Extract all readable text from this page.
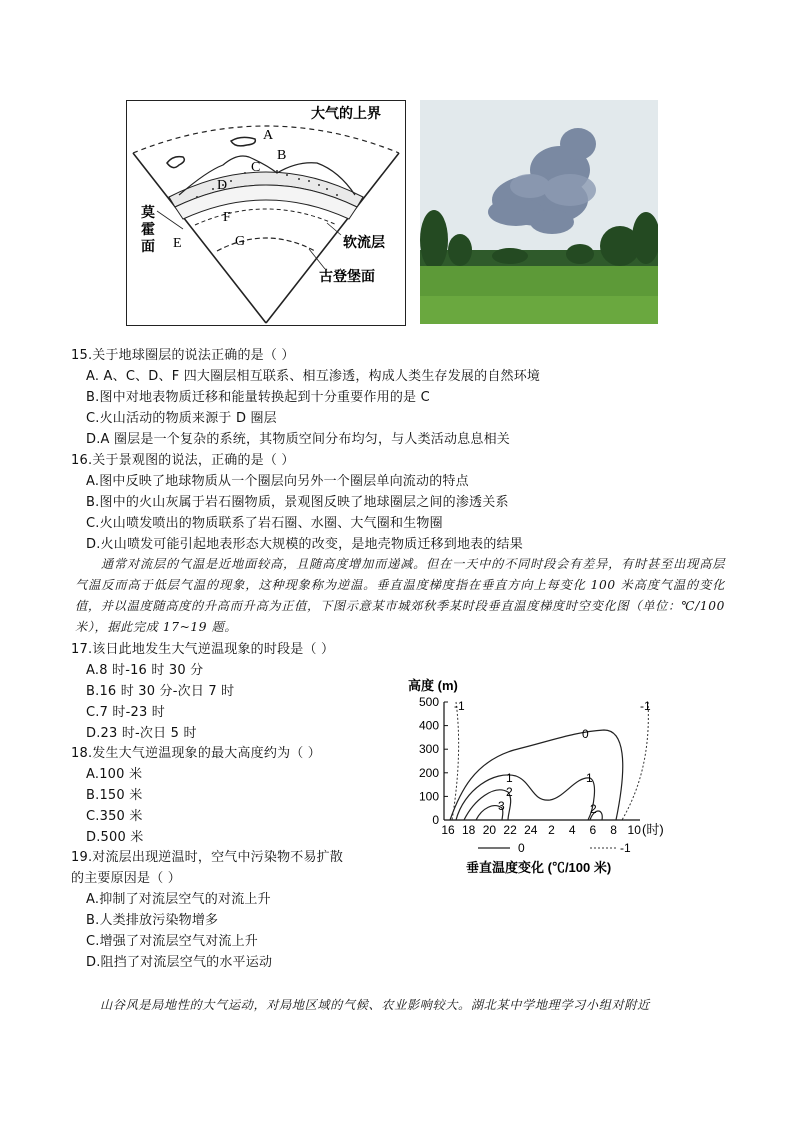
大气的上界
A
B
C
D
E
F
G
莫霍面	软流层
古登堡面
15.关于地球圈层的说法正确的是（ ）
A. A、C、D、F 四大圈层相互联系、相互渗透，构成人类生存发展的自然环境
B.图中对地表物质迁移和能量转换起到十分重要作用的是 C
C.火山活动的物质来源于 D 圈层
D.A 圈层是一个复杂的系统，其物质空间分布均匀，与人类活动息息相关
16.关于景观图的说法，正确的是（ ）
A.图中反映了地球物质从一个圈层向另外一个圈层单向流动的特点
B.图中的火山灰属于岩石圈物质，景观图反映了地球圈层之间的渗透关系
C.火山喷发喷出的物质联系了岩石圈、水圈、大气圈和生物圈
D.火山喷发可能引起地表形态大规模的改变，是地壳物质迁移到地表的结果
通常对流层的气温是近地面较高，且随高度增加而递减。但在一天中的不同时段会有差异，有时甚至出现高层气温反而高于低层气温的现象，这种现象称为逆温。垂直温度梯度指在垂直方向上每变化 100 米高度气温的变化值，并以温度随高度的升高而升高为正值，下图示意某市城郊秋季某时段垂直温度梯度时空变化图（单位：℃/100 米），据此完成 17~19 题。
17.该日此地发生大气逆温现象的时段是（ ）
A.8 时-16 时 30 分
B.16 时 30 分-次日 7 时
C.7 时-23 时
D.23 时-次日 5 时
18.发生大气逆温现象的最大高度约为（ ）
A.100 米
B.150 米
C.350 米
D.500 米
19.对流层出现逆温时，空气中污染物不易扩散
的主要原因是（ ）
A.抑制了对流层空气的对流上升
B.人类排放污染物增多
C.增强了对流层空气对流上升
D.阻挡了对流层空气的水平运动
高度 (m)
0
100
200
300
400
500
16 18 20 22 24 2 4 6 8 10 (时)
-1	-1
0
1	1
2
2
3
0	-1
垂直温度变化 (℃/100 米)
山谷风是局地性的大气运动，对局地区域的气候、农业影响较大。湖北某中学地理学习小组对附近
